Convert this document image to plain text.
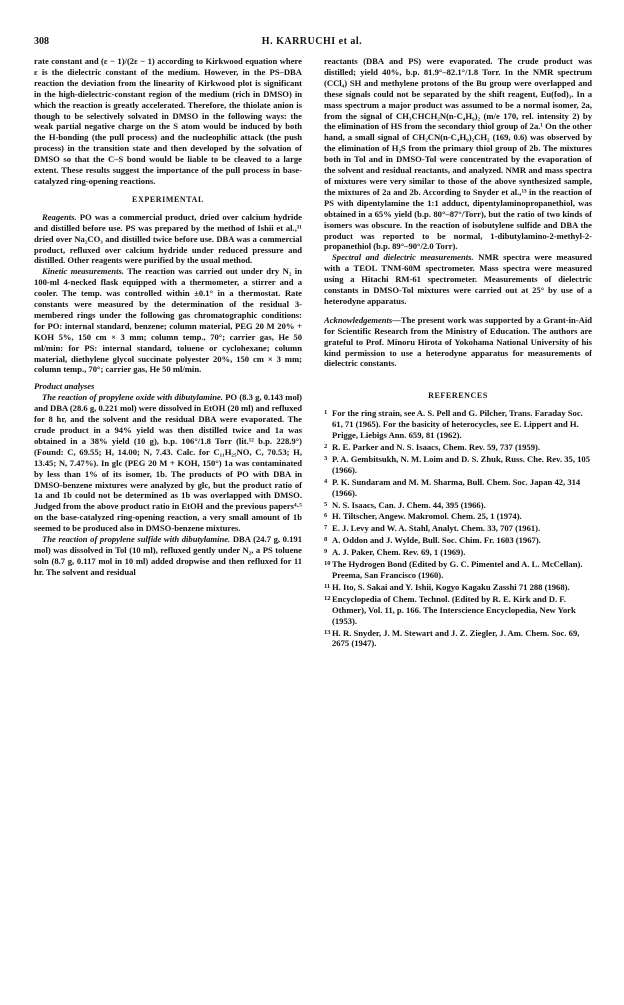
308	H. KARRUCHI et al.

rate constant and (ε − 1)/(2ε − 1) according to Kirkwood equation where ε is the dielectric constant of the medium. However, in the PS–DBA reaction the deviation from the linearity of Kirkwood plot is significant in the high-dielectric-constant region of the medium (rich in DMSO) in which the reaction is greatly accelerated. Therefore, the thiolate anion is though to be selectively solvated in DMSO in the following ways: the weak partial negative charge on the S atom would be induced by both the H-bonding (the pull process) and the nucleophilic attack (the push process) in the transition state and then developed by the solvation of DMSO so that the C–S bond would be liable to be cleaved to a large extent. These results suggest the importance of the pull process in base-catalyzed ring-opening reactions.

EXPERIMENTAL

Reagents. PO was a commercial product, dried over calcium hydride and distilled before use. PS was prepared by the method of Ishii et al.,¹¹ dried over Na₂CO₃ and distilled twice before use. DBA was a commercial product, refluxed over calcium hydride under reduced pressure and distilled. Other reagents were purified by the usual method.

Kinetic measurements. The reaction was carried out under dry N₂ in 100-ml 4-necked flask equipped with a thermometer, a stirrer and a cooler. The temp. was controlled within ±0.1° in a thermostat. Rate constants were measured by the determination of the residual 3-membered rings under the following gas chromatographic conditions: for PO: internal standard, benzene; column material, PEG 20 M 20% + KOH 5%, 150 cm × 3 mm; column temp., 70°; carrier gas, He 50 ml/min: for PS: internal standard, toluene or cyclohexane; column material, diethylene glycol succinate polyester 20%, 150 cm × 3 mm; column temp., 70°; carrier gas, He 50 ml/min.

Product analyses

The reaction of propylene oxide with dibutylamine. PO (8.3 g, 0.143 mol) and DBA (28.6 g, 0.221 mol) were dissolved in EtOH (20 ml) and refluxed for 8 hr, and the solvent and the residual DBA were evaporated. The crude product in a 94% yield was then distilled twice and 1a was obtained in a 38% yield (10 g), b.p. 106°/1.8 Torr (lit.¹² b.p. 228.9°) (Found: C, 69.55; H, 14.00; N, 7.43. Calc. for C₁₁H₂₅NO, C, 70.53; H, 13.45; N, 7.47%). In glc (PEG 20 M + KOH, 150°) 1a was contaminated by less than 1% of its isomer, 1b. The products of PO with DBA in DMSO-benzene mixtures were analyzed by glc, but the product ratio of 1a and 1b could not be determined as 1b was overlapped with DMSO. Judged from the above product ratio in EtOH and the previous papers⁴·⁵ on the base-catalyzed ring-opening reaction, a very small amount of 1b seemed to be produced also in DMSO-benzene mixtures.

The reaction of propylene sulfide with dibutylamine. DBA (24.7 g, 0.191 mol) was dissolved in Tol (10 ml), refluxed gently under N₂, a PS toluene soln (8.7 g, 0.117 mol in 10 ml) added dropwise and then refluxed for 11 hr. The solvent and residual

reactants (DBA and PS) were evaporated. The crude product was distilled; yield 40%, b.p. 81.9°–82.1°/1.8 Torr. In the NMR spectrum (CCl₄) SH and methylene protons of the Bu group were overlapped and these signals could not be separated by the shift reagent, Eu(fod)₃. In a mass spectrum a major product was assumed to be a normal isomer, 2a, from the signal of CH₃CHCH₂N(n-C₄H₉)₂ (m/e 170, rel. intensity 2) by the elimination of HS from the secondary thiol group of 2a.¹ On the other hand, a small signal of CH₂CN(n-C₄H₉)₂CH₂ (169, 0.6) was observed by the elimination of H₂S from the primary thiol group of 2b. The mixtures both in Tol and in DMSO-Tol were concentrated by the evaporation of the solvent and residual reactants, and analyzed. NMR and mass spectra of mixtures were very similar to those of the above synthesized sample, the mixtures of 2a and 2b. According to Snyder et al.,¹³ in the reaction of PS with dipentylamine the 1:1 adduct, dipentylaminopropanethiol, was obtained in a 65% yield (b.p. 80°–87°/Torr), but the ratio of two kinds of isomers was obscure. In the reaction of isobutylene sulfide and DBA the product was reported to be normal, 1-dibutylamino-2-methyl-2-propanethiol (b.p. 89°–90°/2.0 Torr).

Spectral and dielectric measurements. NMR spectra were measured with a TEOL TNM-60M spectrometer. Mass spectra were measured using a Hitachi RM-61 spectrometer. Measurements of dielectric constants in DMSO-Tol mixtures were carried out at 25° by use of a heterodyne apparatus.

Acknowledgements—The present work was supported by a Grant-in-Aid for Scientific Research from the Ministry of Education. The authors are grateful to Prof. Minoru Hirota of Yokohama National University of his kind permission to use a heterodyne apparatus for measurements of dielectric constants.

REFERENCES
1 For the ring strain, see A. S. Pell and G. Pilcher, Trans. Faraday Soc. 61, 71 (1965). For the basicity of heterocycles, see E. Lippert and H. Prigge, Liebigs Ann. 659, 81 (1962).
2 R. E. Parker and N. S. Isaacs, Chem. Rev. 59, 737 (1959).
3 P. A. Gembitsukh, N. M. Loim and D. S. Zhuk, Russ. Che. Rev. 35, 105 (1966).
4 P. K. Sundaram and M. M. Sharma, Bull. Chem. Soc. Japan 42, 314 (1966).
5 N. S. Isaacs, Can. J. Chem. 44, 395 (1966).
6 H. Tiltscher, Angew. Makromol. Chem. 25, 1 (1974).
7 E. J. Levy and W. A. Stahl, Analyt. Chem. 33, 707 (1961).
8 A. Oddon and J. Wylde, Bull. Soc. Chim. Fr. 1603 (1967).
9 A. J. Paker, Chem. Rev. 69, 1 (1969).
10 The Hydrogen Bond (Edited by G. C. Pimentel and A. L. McCellan). Preema, San Francisco (1960).
11 H. Ito, S. Sakai and Y. Ishii, Kogyo Kagaku Zasshi 71 288 (1968).
12 Encyclopedia of Chem. Technol. (Edited by R. E. Kirk and D. F. Othmer), Vol. 11, p. 166. The Interscience Encyclopedia, New York (1953).
13 H. R. Snyder, J. M. Stewart and J. Z. Ziegler, J. Am. Chem. Soc. 69, 2675 (1947).
